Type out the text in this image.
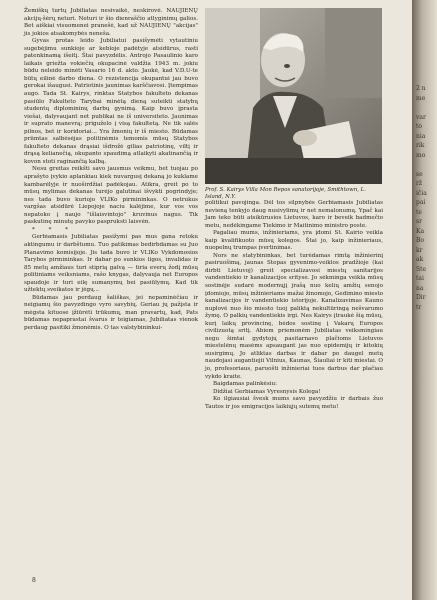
Žemiškų turtų Jubiliatas nesivaikė, neskirovė. NAUJIENŲ akcijų-šėrų neturi. Neturi ir šio dienraščio atlyginimų galios. Bet aiškiai visuomenei pranešė, kad už NAUJIENŲ "akcijas" jis jokios atsakomybės neneša.

Gyvas protas leido Jubiliatui pasišymėti vytautiniu sugebėjimu sunkioje ar kebloje padėtyje atsidūrus, rasti patenkinamą išeitį. Štai pavyzdėlis. Antrojo Pasaulinio karo laikais griežta vokiečių okupacinė valdžia 1943 m. jokiu būdu neleido minėti Vasario 16 d. akto. Jaukė, kad V.D.U-te būtų eilinė darbo diena. O rezistencija okupantui jau buvo gerokai išaugusi. Patriotinis jaunimas karščiavosi. Įtempimas augo. Tada St. Kairys, rinktas Statybos fakulteto dekanas pasiūlo Fakulteto Tarybai minėtą dieną suteikti statybų studentų diplomininų darbų gynimą. Kaip buvo įprasta viešai, dalyvaujant net publikai ne iš universiteto. Jaunimas ir suprato manevrą; priguželo į visą fakultetą. Ne tik salės pilnos, bet ir koridoriai... Yra žmonių ir iš miesto. Būdamas priimtas salbėsėjas politinėmis temomis mūsų Statybos fakulteto dekanas drąsiai išdrožė gilias patriotinę, viltį ir drąsą kelianečią, okupanto spaudimą atlaikyti akatinančią ir kovon stoti raginančią kalbą.

Nesu greitas reikšti savo jausmus veikmu, bet tuojau po aprašyto įvykio aplankiau kiek nuvargusį dekaną jo kuklame kambarėlyje ir nuoširdžiai padėkojau. Atikra, greit po to mūsų mylimas dekanas turėjo galutinai išvykti pogrindyje; nes tada buvo kuriojo VLIKo pirmininkas. O netrukus vargšas atsidūrė Liepojoje naciu kalėjime, kur vos vos nepateko į naujo "išlaisvintojo" kruvinus nagus. Tik paskutinę minutę pavyko paspruksti laisvėn.

* * *

Gerbiamasis Jubiliatas pasižymi pas mus gana retoku aktingumu ir darbštumu. Tuo patikimas bedirbdamas su Juo Planavimo komisijoje. Jis tada buvo ir VLIKo Vykdomosios Tarybos pirmininkas. Ir dabar po sunkios ligos, invalidas ir 85 metų amžiaus turi stiprią galvą — tiria everų žodį mūsų politiniams veiksniams, rašo knygas, dalyvauja net Europos spaudoje ir turi eilę sumanymų bei pasiūlymų. Kad tik užtektų sveikatos ir jėgų...

Būdamas jau perdaug šališkas, jei nepaminėčiau ir neigiamų šio pavyzdingo vyro savybių. Geriau jų pažįsta ir mėgsta kituose įžiūrėti trūkumų, man pravartų, kad, Pats būdamas nepaprastai švarus ir teigiamas, Jubiliatas vienok perdaug pasitiki žmonėmis. O tas valstybininkui-

Prof. S. Kairys Villa Mon Repos sanatorijoje, Smithtown, L. Island, N.Y.

politikui pavojinga. Dėl tos silpnybės Gerbiamasis Jubiliatas nevieną tenkyjo daug nusivylimų ir net nemalonumų. Ypač kai Jam teko būti atsikūrusios Lietuvos, karo ir beveik badmečio metu, nedėkingame Tiekimo ir Maitinimo ministro poste.

Pagaliau mums, inžinieriams, yra įdomi St. Kairio veikla kaip kvalifikuoto mūsų kolegos. Štai jo, kaip inžinieriaus, nuopelnų trumpas įvertinimas.

Nors ne statybininkas, bet turėdamas rimtą inžinierinį pasiruošimą, jaunas Stepas gyvenimo-veiklos pradžioje (kai dirbti Lietuvoj) greit specializavosi miestų sanitarijos vandentiekio ir kanalizacijos srityse. Jo sėkminga veikla mūsų sostinėje sudarė modernųjį jrašą nuo kelių amžių senojo įdomiojo, mūsų inžinieriams mažai žinomojo, Gedimino miesto kanalizacijos ir vandentiekio istorijoje. Kanalizavimas Kauno nuplovė nuo šio miesto tuoj paliktą nekultūringą nešvarumo žymę. O palkių vandentiekis irgi. Nes Kairys įtraukė šią mūsų, kurį laikų provincinę, bėdos sostinę į Vakarų Europos civilizuotą sritį. Abiem priemonėm Jubiliatas veiksmingiau negu šimtai gydytojų pasitarnavo plačioms Lietuvos miestelėnų masėms apsaugant jas nuo epidemijų ir kitokių susirgimų. Jo atliktas darbas ir dabar po daugel metų naudojasi augantiejii Vilnius, Kaunas, Šiauliai ir kiti miestai. O jo, profesoriaus, paruošti inžinieriai tuos darbus dar plačiau vykdo kraite.

Baigdamas palinkėsiu:

Didžiai Gerbiamas Vyresnysis Kolega!

Ko ilgiausiai švesk mums savo pavyzdžiu ir darbais žuo Tautos ir jos emigracijos laikiųjų sutemų metu!

8
2 n
me
var
to
nia
rik
mo
se
rž
ičia
pai
te
sr
Ka
Bo
kr
ak
Ste
tai
na
Dir
tr
